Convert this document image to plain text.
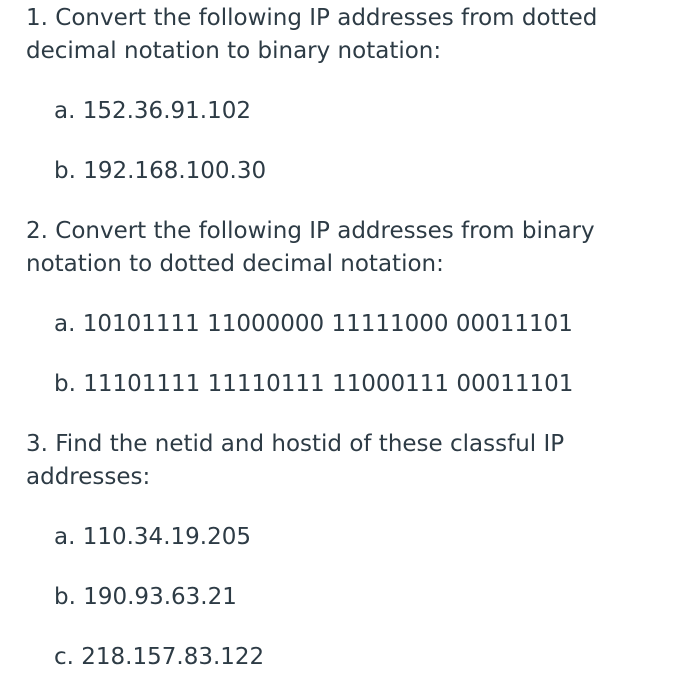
1. Convert the following IP addresses from dotted decimal notation to binary notation:

a. 152.36.91.102

b. 192.168.100.30

2. Convert the following IP addresses from binary notation to dotted decimal notation:

a. 10101111 11000000 11111000 00011101

b. 11101111 11110111 11000111 00011101

3. Find the netid and hostid of these classful IP addresses:

a. 110.34.19.205

b. 190.93.63.21

c. 218.157.83.122
